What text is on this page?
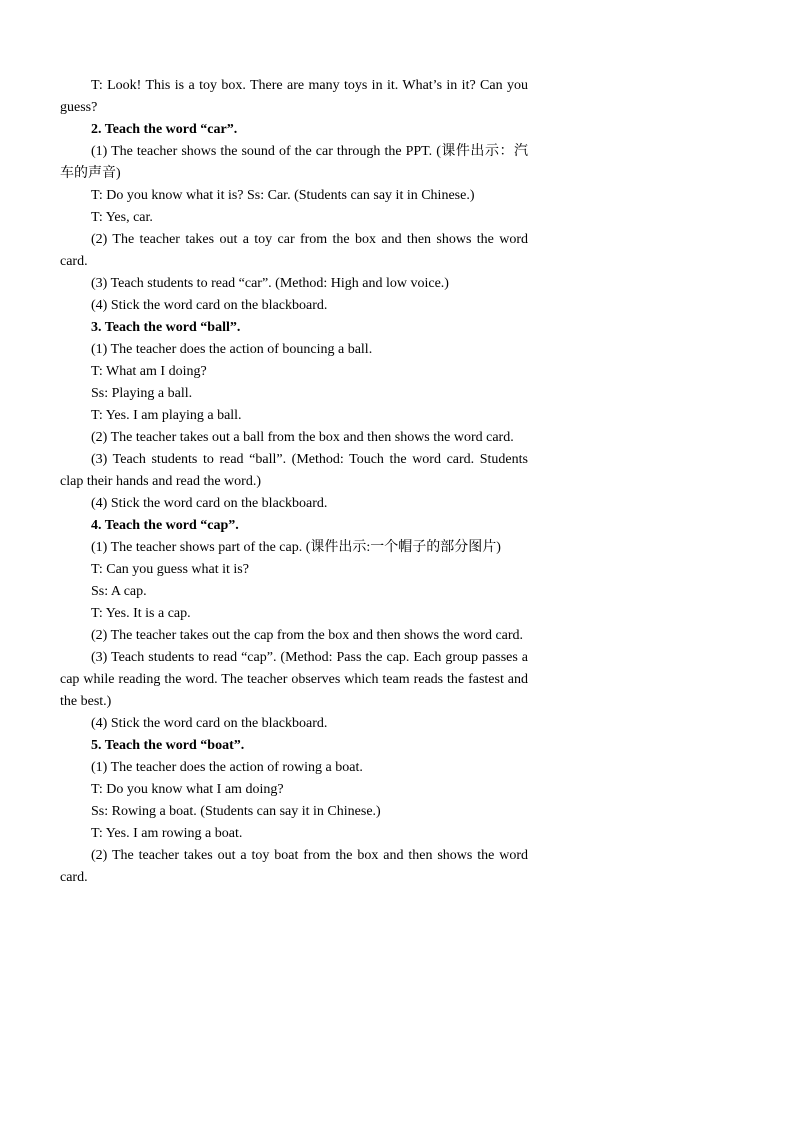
T: Look! This is a toy box. There are many toys in it. What’s in it? Can you guess?

2. Teach the word “car”.

(1) The teacher shows the sound of the car through the PPT. (课件出示：汽车的声音)

T: Do you know what it is? Ss: Car. (Students can say it in Chinese.)

T: Yes, car.

(2) The teacher takes out a toy car from the box and then shows the word card.

(3) Teach students to read “car”. (Method: High and low voice.)

(4) Stick the word card on the blackboard.

3. Teach the word “ball”.

(1) The teacher does the action of bouncing a ball.

T: What am I doing?

Ss: Playing a ball.

T: Yes. I am playing a ball.

(2) The teacher takes out a ball from the box and then shows the word card.

(3) Teach students to read “ball”. (Method: Touch the word card. Students clap their hands and read the word.)

(4) Stick the word card on the blackboard.

4. Teach the word “cap”.

(1) The teacher shows part of the cap. (课件出示:一个帽子的部分图片)

T: Can you guess what it is?

Ss: A cap.

T: Yes. It is a cap.

(2) The teacher takes out the cap from the box and then shows the word card.

(3) Teach students to read “cap”. (Method: Pass the cap. Each group passes a cap while reading the word. The teacher observes which team reads the fastest and the best.)

(4) Stick the word card on the blackboard.

5. Teach the word “boat”.

(1) The teacher does the action of rowing a boat.

T: Do you know what I am doing?

Ss: Rowing a boat. (Students can say it in Chinese.)

T: Yes. I am rowing a boat.

(2) The teacher takes out a toy boat from the box and then shows the word card.
